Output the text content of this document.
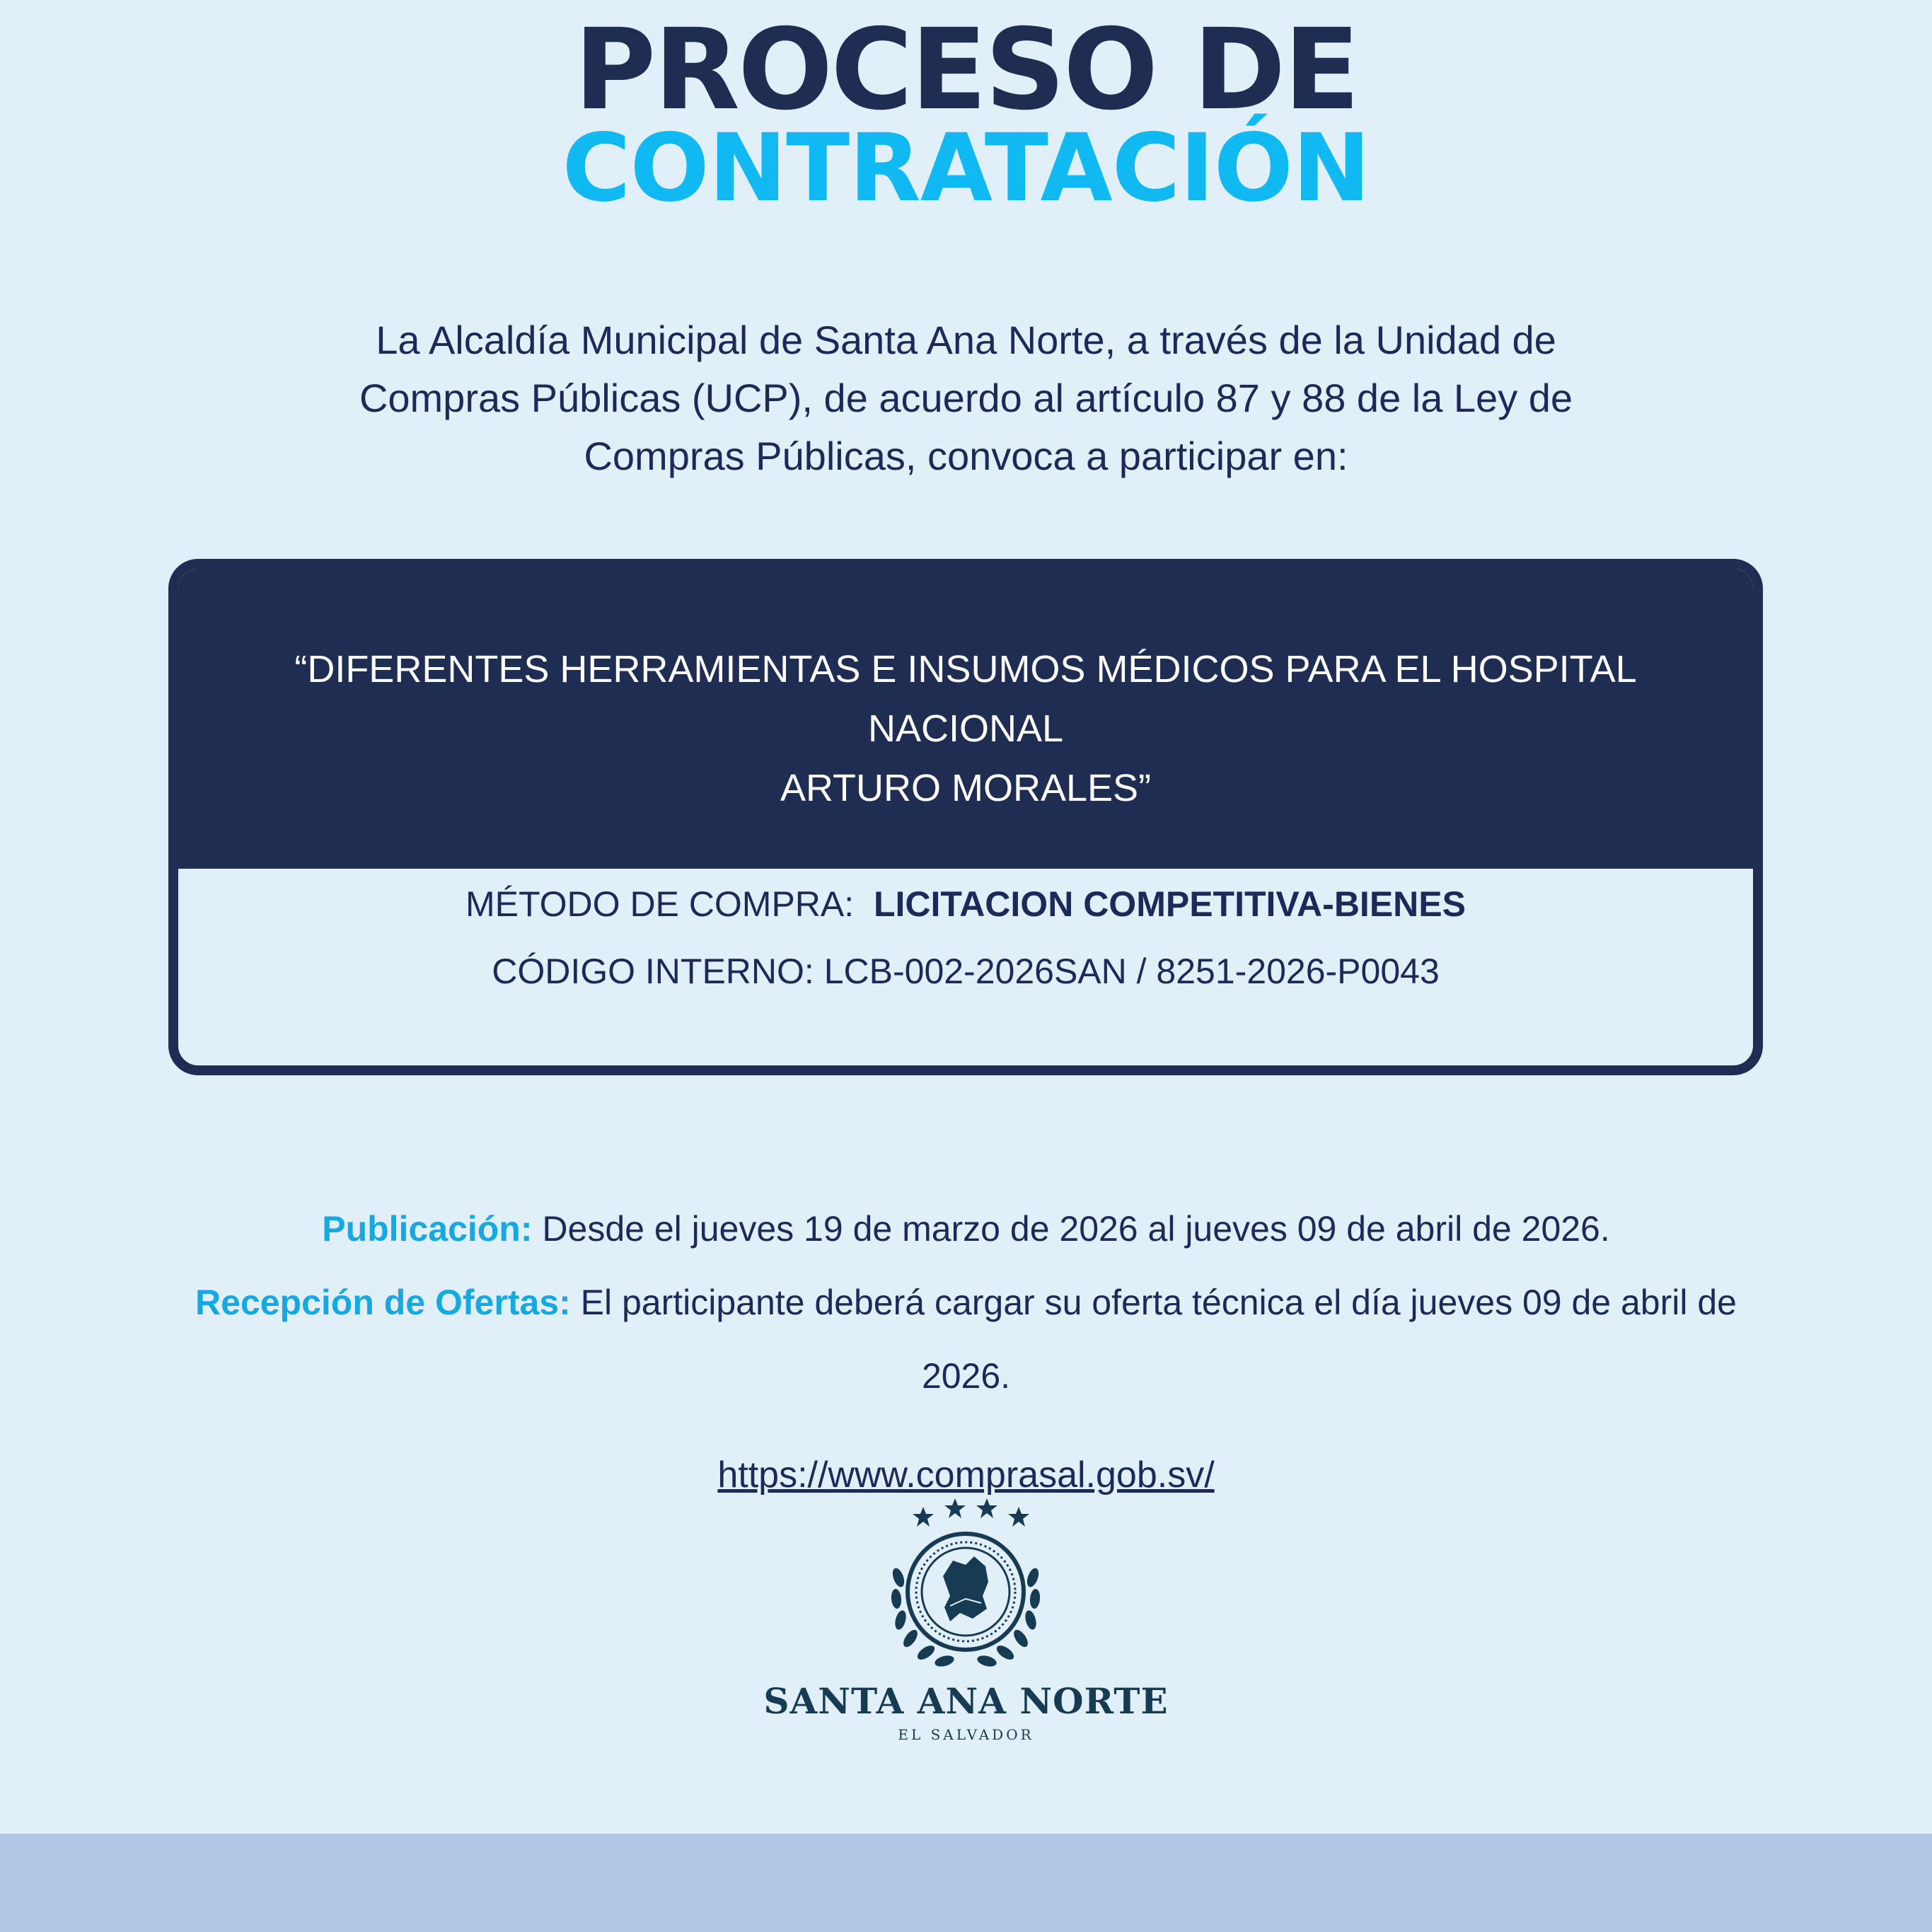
PROCESO DE
CONTRATACIÓN
La Alcaldía Municipal de Santa Ana Norte, a través de la Unidad de Compras Públicas (UCP), de acuerdo al artículo 87 y 88 de la Ley de Compras Públicas, convoca a participar en:
“DIFERENTES HERRAMIENTAS E INSUMOS MÉDICOS PARA EL HOSPITAL NACIONAL
ARTURO MORALES”
MÉTODO DE COMPRA: LICITACION COMPETITIVA-BIENES
CÓDIGO INTERNO: LCB-002-2026SAN / 8251-2026-P0043
Publicación: Desde el jueves 19 de marzo de 2026 al jueves 09 de abril de 2026.
Recepción de Ofertas: El participante deberá cargar su oferta técnica el día jueves 09 de abril de 2026.
https://www.comprasal.gob.sv/
SANTA ANA NORTE
EL SALVADOR
